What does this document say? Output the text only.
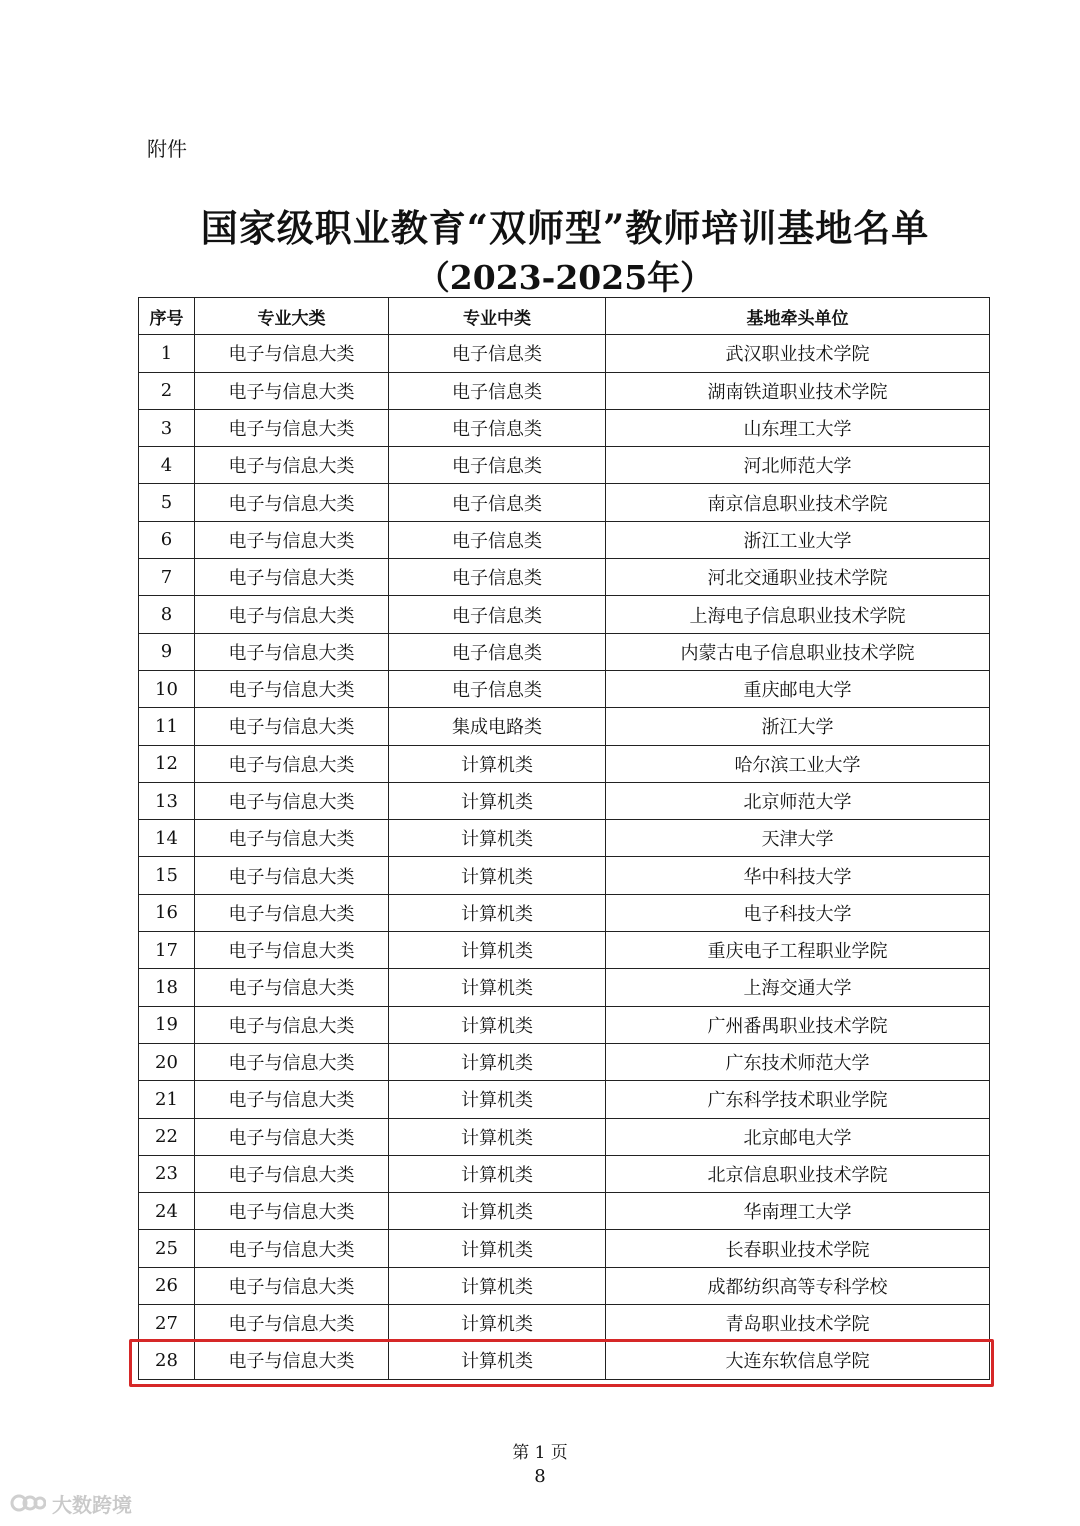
附件
国家级职业教育“双师型”教师培训基地名单
（2023-2025年）
序号	专业大类	专业中类	基地牵头单位
1	电子与信息大类	电子信息类	武汉职业技术学院
2	电子与信息大类	电子信息类	湖南铁道职业技术学院
3	电子与信息大类	电子信息类	山东理工大学
4	电子与信息大类	电子信息类	河北师范大学
5	电子与信息大类	电子信息类	南京信息职业技术学院
6	电子与信息大类	电子信息类	浙江工业大学
7	电子与信息大类	电子信息类	河北交通职业技术学院
8	电子与信息大类	电子信息类	上海电子信息职业技术学院
9	电子与信息大类	电子信息类	内蒙古电子信息职业技术学院
10	电子与信息大类	电子信息类	重庆邮电大学
11	电子与信息大类	集成电路类	浙江大学
12	电子与信息大类	计算机类	哈尔滨工业大学
13	电子与信息大类	计算机类	北京师范大学
14	电子与信息大类	计算机类	天津大学
15	电子与信息大类	计算机类	华中科技大学
16	电子与信息大类	计算机类	电子科技大学
17	电子与信息大类	计算机类	重庆电子工程职业学院
18	电子与信息大类	计算机类	上海交通大学
19	电子与信息大类	计算机类	广州番禺职业技术学院
20	电子与信息大类	计算机类	广东技术师范大学
21	电子与信息大类	计算机类	广东科学技术职业学院
22	电子与信息大类	计算机类	北京邮电大学
23	电子与信息大类	计算机类	北京信息职业技术学院
24	电子与信息大类	计算机类	华南理工大学
25	电子与信息大类	计算机类	长春职业技术学院
26	电子与信息大类	计算机类	成都纺织高等专科学校
27	电子与信息大类	计算机类	青岛职业技术学院
28	电子与信息大类	计算机类	大连东软信息学院
第 1 页
8
大数跨境
